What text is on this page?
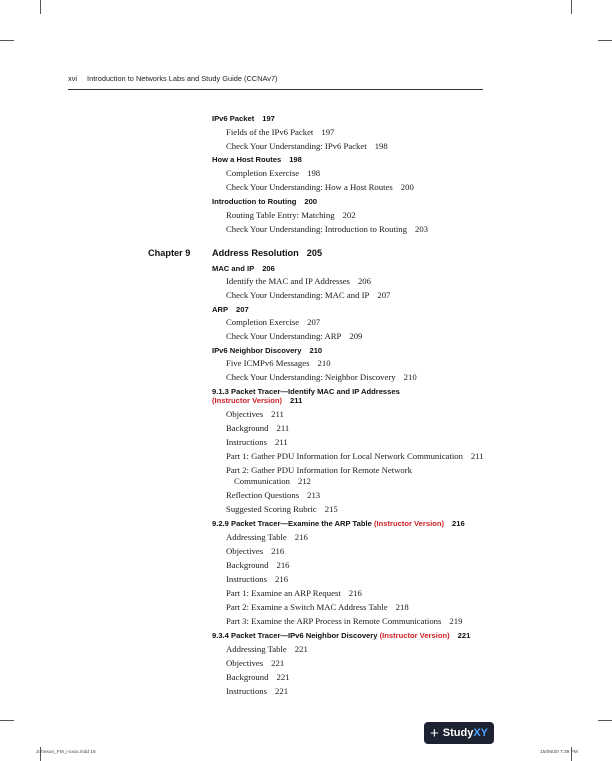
xvi Introduction to Networks Labs and Study Guide (CCNAv7)
IPv6 Packet 197
Fields of the IPv6 Packet 197
Check Your Understanding: IPv6 Packet 198
How a Host Routes 198
Completion Exercise 198
Check Your Understanding: How a Host Routes 200
Introduction to Routing 200
Routing Table Entry: Matching 202
Check Your Understanding: Introduction to Routing 203
Chapter 9 Address Resolution 205
MAC and IP 206
Identify the MAC and IP Addresses 206
Check Your Understanding: MAC and IP 207
ARP 207
Completion Exercise 207
Check Your Understanding: ARP 209
IPv6 Neighbor Discovery 210
Five ICMPv6 Messages 210
Check Your Understanding: Neighbor Discovery 210
9.1.3 Packet Tracer—Identify MAC and IP Addresses
(Instructor Version) 211
Objectives 211
Background 211
Instructions 211
Part 1: Gather PDU Information for Local Network Communication 211
Part 2: Gather PDU Information for Remote Network
Communication 212
Reflection Questions 213
Suggested Scoring Rubric 215
9.2.9 Packet Tracer—Examine the ARP Table (Instructor Version) 216
Addressing Table 216
Objectives 216
Background 216
Instructions 216
Part 1: Examine an ARP Request 216
Part 2: Examine a Switch MAC Address Table 218
Part 3: Examine the ARP Process in Remote Communications 219
9.3.4 Packet Tracer—IPv6 Neighbor Discovery (Instructor Version) 221
Addressing Table 221
Objectives 221
Background 221
Instructions 221
+ Study XY
Johnson_FM_i-xxxx.indd 16	15/06/20 7:39 PM
